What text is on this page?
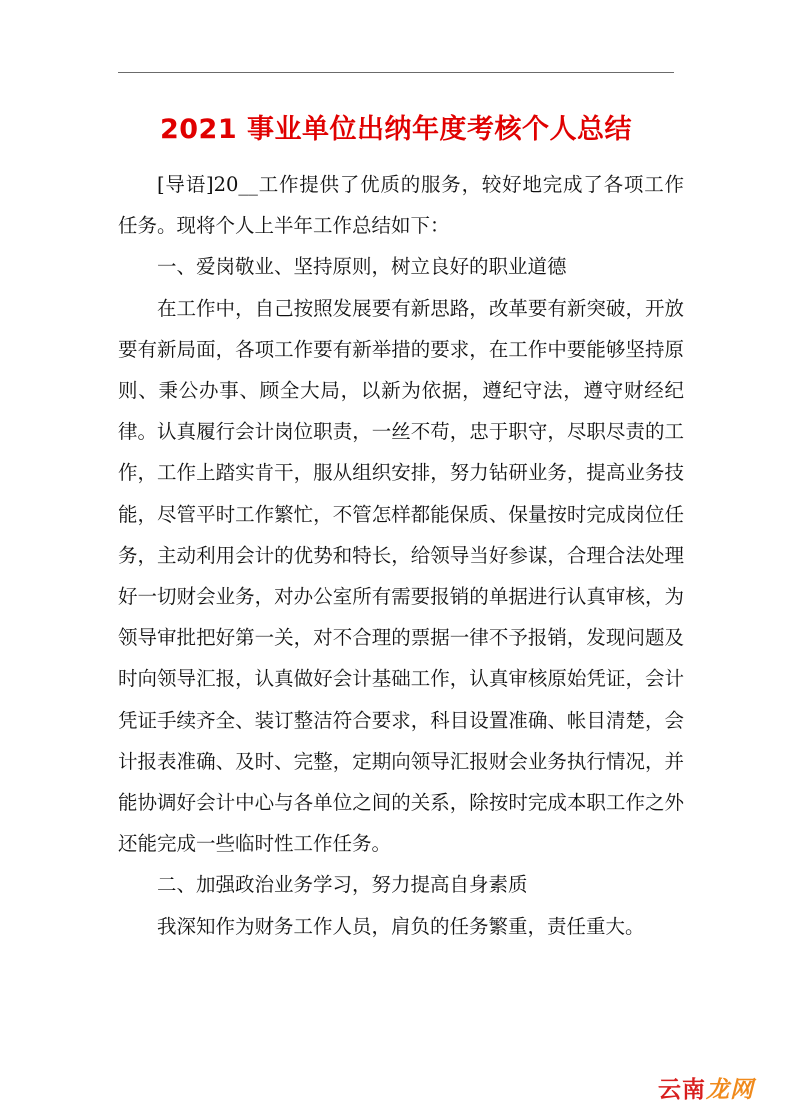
2021 事业单位出纳年度考核个人总结

[导语]20__工作提供了优质的服务，较好地完成了各项工作任务。现将个人上半年工作总结如下：

一、爱岗敬业、坚持原则，树立良好的职业道德

在工作中，自己按照发展要有新思路，改革要有新突破，开放要有新局面，各项工作要有新举措的要求，在工作中要能够坚持原则、秉公办事、顾全大局，以新为依据，遵纪守法，遵守财经纪律。认真履行会计岗位职责，一丝不苟，忠于职守，尽职尽责的工作，工作上踏实肯干，服从组织安排，努力钻研业务，提高业务技能，尽管平时工作繁忙，不管怎样都能保质、保量按时完成岗位任务，主动利用会计的优势和特长，给领导当好参谋，合理合法处理好一切财会业务，对办公室所有需要报销的单据进行认真审核，为领导审批把好第一关，对不合理的票据一律不予报销，发现问题及时向领导汇报，认真做好会计基础工作，认真审核原始凭证，会计凭证手续齐全、装订整洁符合要求，科目设置准确、帐目清楚，会计报表准确、及时、完整，定期向领导汇报财会业务执行情况，并能协调好会计中心与各单位之间的关系，除按时完成本职工作之外还能完成一些临时性工作任务。

二、加强政治业务学习，努力提高自身素质

我深知作为财务工作人员，肩负的任务繁重，责任重大。

云南龙网
